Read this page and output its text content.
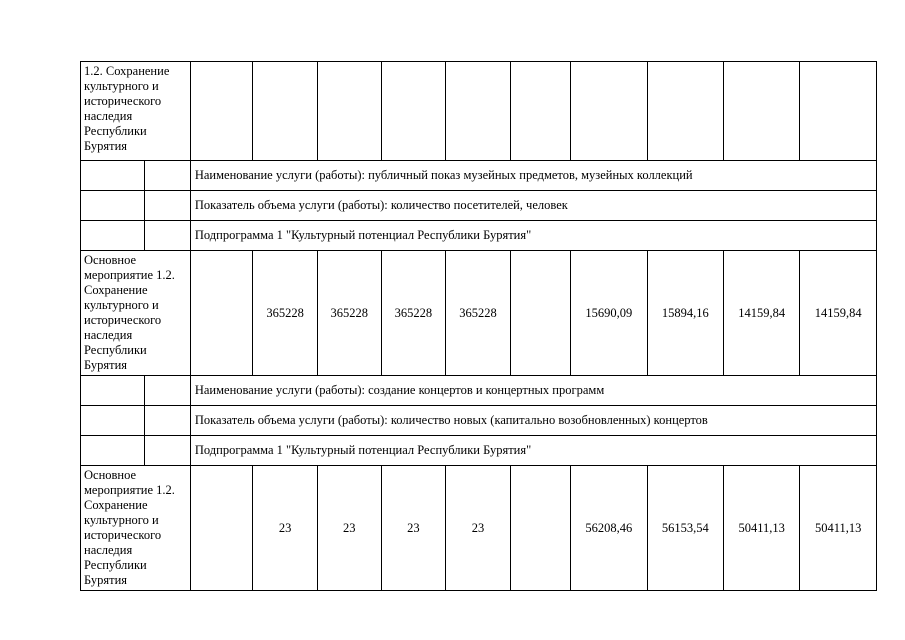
1.2. Сохранение культурного и исторического наследия Республики Бурятия											
		Наименование услуги (работы): публичный показ музейных предметов, музейных коллекций									
		Показатель объема услуги (работы): количество посетителей, человек									
		Подпрограмма 1 "Культурный потенциал Республики Бурятия"									
Основное мероприятие 1.2. Сохранение культурного и исторического наследия Республики Бурятия			365228	365228	365228	365228		15690,09	15894,16	14159,84	14159,84
		Наименование услуги (работы): создание концертов и концертных программ									
		Показатель объема услуги (работы): количество новых (капитально возобновленных) концертов									
		Подпрограмма 1 "Культурный потенциал Республики Бурятия"									
Основное мероприятие 1.2. Сохранение культурного и исторического наследия Республики Бурятия			23	23	23	23		56208,46	56153,54	50411,13	50411,13
